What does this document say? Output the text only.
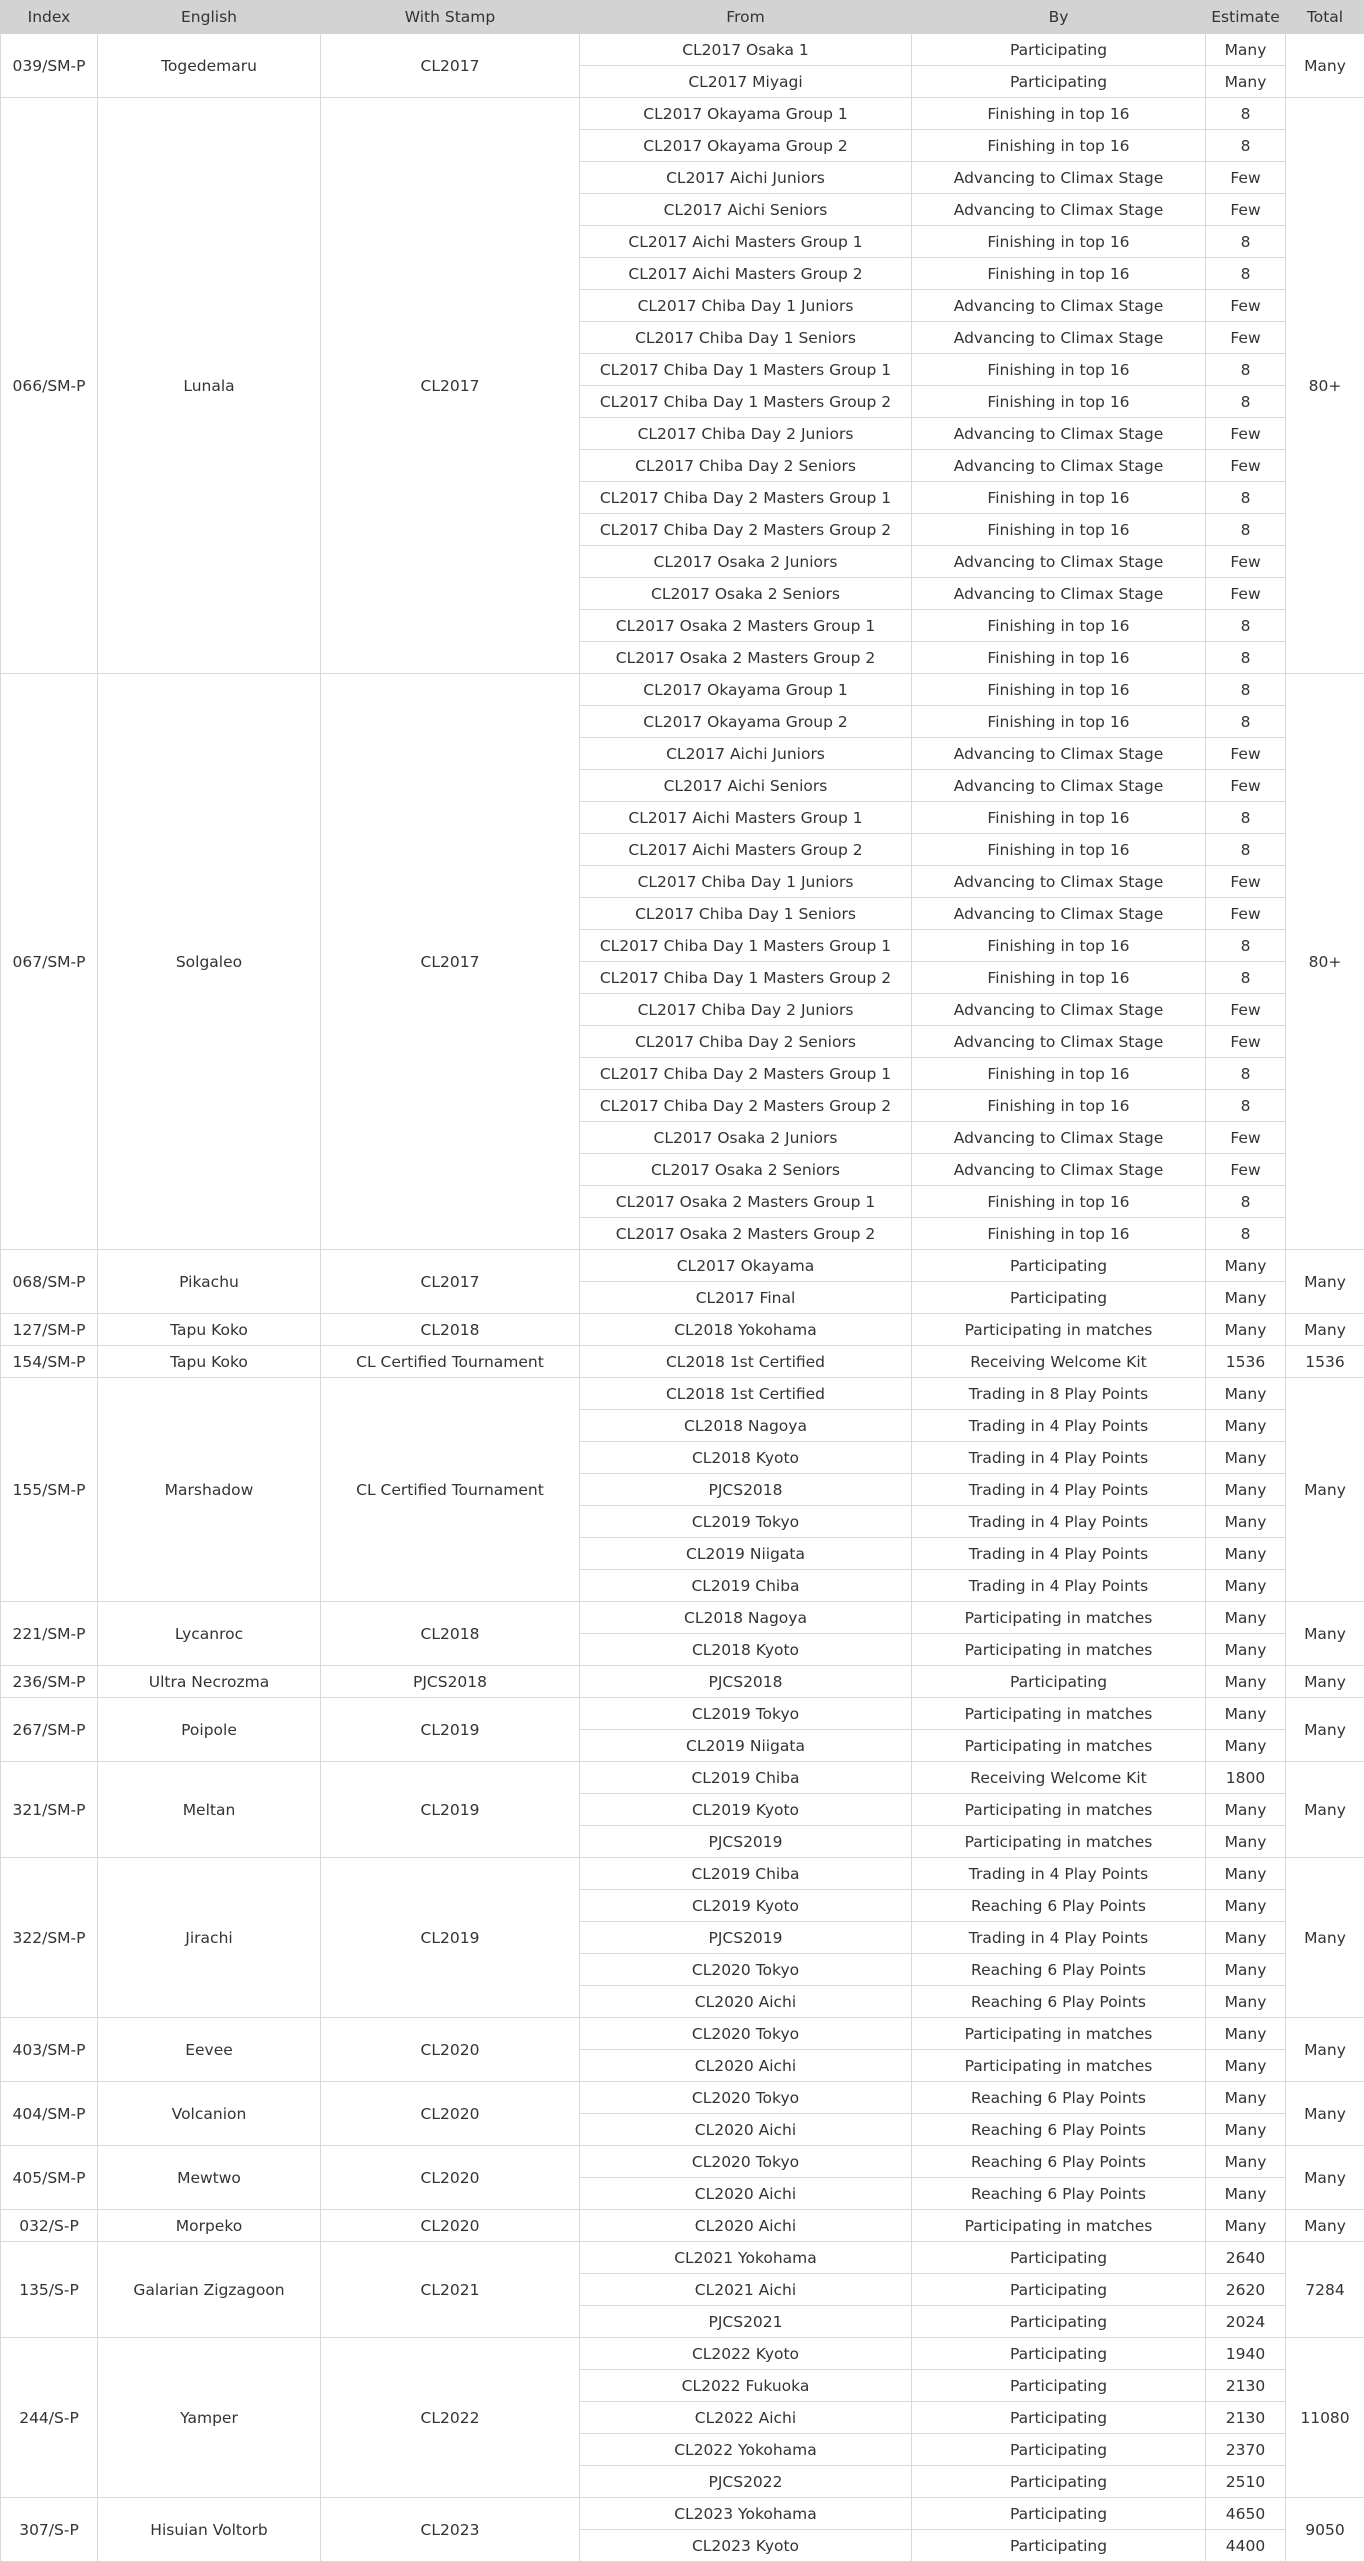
Index	English	With Stamp	From	By	Estimate	Total
039/SM-P	Togedemaru	CL2017	CL2017 Osaka 1	Participating	Many	Many
			CL2017 Miyagi	Participating	Many	
066/SM-P	Lunala	CL2017	CL2017 Okayama Group 1	Finishing in top 16	8	80+
			CL2017 Okayama Group 2	Finishing in top 16	8	
			CL2017 Aichi Juniors	Advancing to Climax Stage	Few	
			CL2017 Aichi Seniors	Advancing to Climax Stage	Few	
			CL2017 Aichi Masters Group 1	Finishing in top 16	8	
			CL2017 Aichi Masters Group 2	Finishing in top 16	8	
			CL2017 Chiba Day 1 Juniors	Advancing to Climax Stage	Few	
			CL2017 Chiba Day 1 Seniors	Advancing to Climax Stage	Few	
			CL2017 Chiba Day 1 Masters Group 1	Finishing in top 16	8	
			CL2017 Chiba Day 1 Masters Group 2	Finishing in top 16	8	
			CL2017 Chiba Day 2 Juniors	Advancing to Climax Stage	Few	
			CL2017 Chiba Day 2 Seniors	Advancing to Climax Stage	Few	
			CL2017 Chiba Day 2 Masters Group 1	Finishing in top 16	8	
			CL2017 Chiba Day 2 Masters Group 2	Finishing in top 16	8	
			CL2017 Osaka 2 Juniors	Advancing to Climax Stage	Few	
			CL2017 Osaka 2 Seniors	Advancing to Climax Stage	Few	
			CL2017 Osaka 2 Masters Group 1	Finishing in top 16	8	
			CL2017 Osaka 2 Masters Group 2	Finishing in top 16	8	
067/SM-P	Solgaleo	CL2017	CL2017 Okayama Group 1	Finishing in top 16	8	80+
			CL2017 Okayama Group 2	Finishing in top 16	8	
			CL2017 Aichi Juniors	Advancing to Climax Stage	Few	
			CL2017 Aichi Seniors	Advancing to Climax Stage	Few	
			CL2017 Aichi Masters Group 1	Finishing in top 16	8	
			CL2017 Aichi Masters Group 2	Finishing in top 16	8	
			CL2017 Chiba Day 1 Juniors	Advancing to Climax Stage	Few	
			CL2017 Chiba Day 1 Seniors	Advancing to Climax Stage	Few	
			CL2017 Chiba Day 1 Masters Group 1	Finishing in top 16	8	
			CL2017 Chiba Day 1 Masters Group 2	Finishing in top 16	8	
			CL2017 Chiba Day 2 Juniors	Advancing to Climax Stage	Few	
			CL2017 Chiba Day 2 Seniors	Advancing to Climax Stage	Few	
			CL2017 Chiba Day 2 Masters Group 1	Finishing in top 16	8	
			CL2017 Chiba Day 2 Masters Group 2	Finishing in top 16	8	
			CL2017 Osaka 2 Juniors	Advancing to Climax Stage	Few	
			CL2017 Osaka 2 Seniors	Advancing to Climax Stage	Few	
			CL2017 Osaka 2 Masters Group 1	Finishing in top 16	8	
			CL2017 Osaka 2 Masters Group 2	Finishing in top 16	8	
068/SM-P	Pikachu	CL2017	CL2017 Okayama	Participating	Many	Many
			CL2017 Final	Participating	Many	
127/SM-P	Tapu Koko	CL2018	CL2018 Yokohama	Participating in matches	Many	Many
154/SM-P	Tapu Koko	CL Certified Tournament	CL2018 1st Certified	Receiving Welcome Kit	1536	1536
155/SM-P	Marshadow	CL Certified Tournament	CL2018 1st Certified	Trading in 8 Play Points	Many	Many
			CL2018 Nagoya	Trading in 4 Play Points	Many	
			CL2018 Kyoto	Trading in 4 Play Points	Many	
			PJCS2018	Trading in 4 Play Points	Many	
			CL2019 Tokyo	Trading in 4 Play Points	Many	
			CL2019 Niigata	Trading in 4 Play Points	Many	
			CL2019 Chiba	Trading in 4 Play Points	Many	
221/SM-P	Lycanroc	CL2018	CL2018 Nagoya	Participating in matches	Many	Many
			CL2018 Kyoto	Participating in matches	Many	
236/SM-P	Ultra Necrozma	PJCS2018	PJCS2018	Participating	Many	Many
267/SM-P	Poipole	CL2019	CL2019 Tokyo	Participating in matches	Many	Many
			CL2019 Niigata	Participating in matches	Many	
321/SM-P	Meltan	CL2019	CL2019 Chiba	Receiving Welcome Kit	1800	Many
			CL2019 Kyoto	Participating in matches	Many	
			PJCS2019	Participating in matches	Many	
322/SM-P	Jirachi	CL2019	CL2019 Chiba	Trading in 4 Play Points	Many	Many
			CL2019 Kyoto	Reaching 6 Play Points	Many	
			PJCS2019	Trading in 4 Play Points	Many	
			CL2020 Tokyo	Reaching 6 Play Points	Many	
			CL2020 Aichi	Reaching 6 Play Points	Many	
403/SM-P	Eevee	CL2020	CL2020 Tokyo	Participating in matches	Many	Many
			CL2020 Aichi	Participating in matches	Many	
404/SM-P	Volcanion	CL2020	CL2020 Tokyo	Reaching 6 Play Points	Many	Many
			CL2020 Aichi	Reaching 6 Play Points	Many	
405/SM-P	Mewtwo	CL2020	CL2020 Tokyo	Reaching 6 Play Points	Many	Many
			CL2020 Aichi	Reaching 6 Play Points	Many	
032/S-P	Morpeko	CL2020	CL2020 Aichi	Participating in matches	Many	Many
135/S-P	Galarian Zigzagoon	CL2021	CL2021 Yokohama	Participating	2640	7284
			CL2021 Aichi	Participating	2620	
			PJCS2021	Participating	2024	
244/S-P	Yamper	CL2022	CL2022 Kyoto	Participating	1940	11080
			CL2022 Fukuoka	Participating	2130	
			CL2022 Aichi	Participating	2130	
			CL2022 Yokohama	Participating	2370	
			PJCS2022	Participating	2510	
307/S-P	Hisuian Voltorb	CL2023	CL2023 Yokohama	Participating	4650	9050
			CL2023 Kyoto	Participating	4400	
